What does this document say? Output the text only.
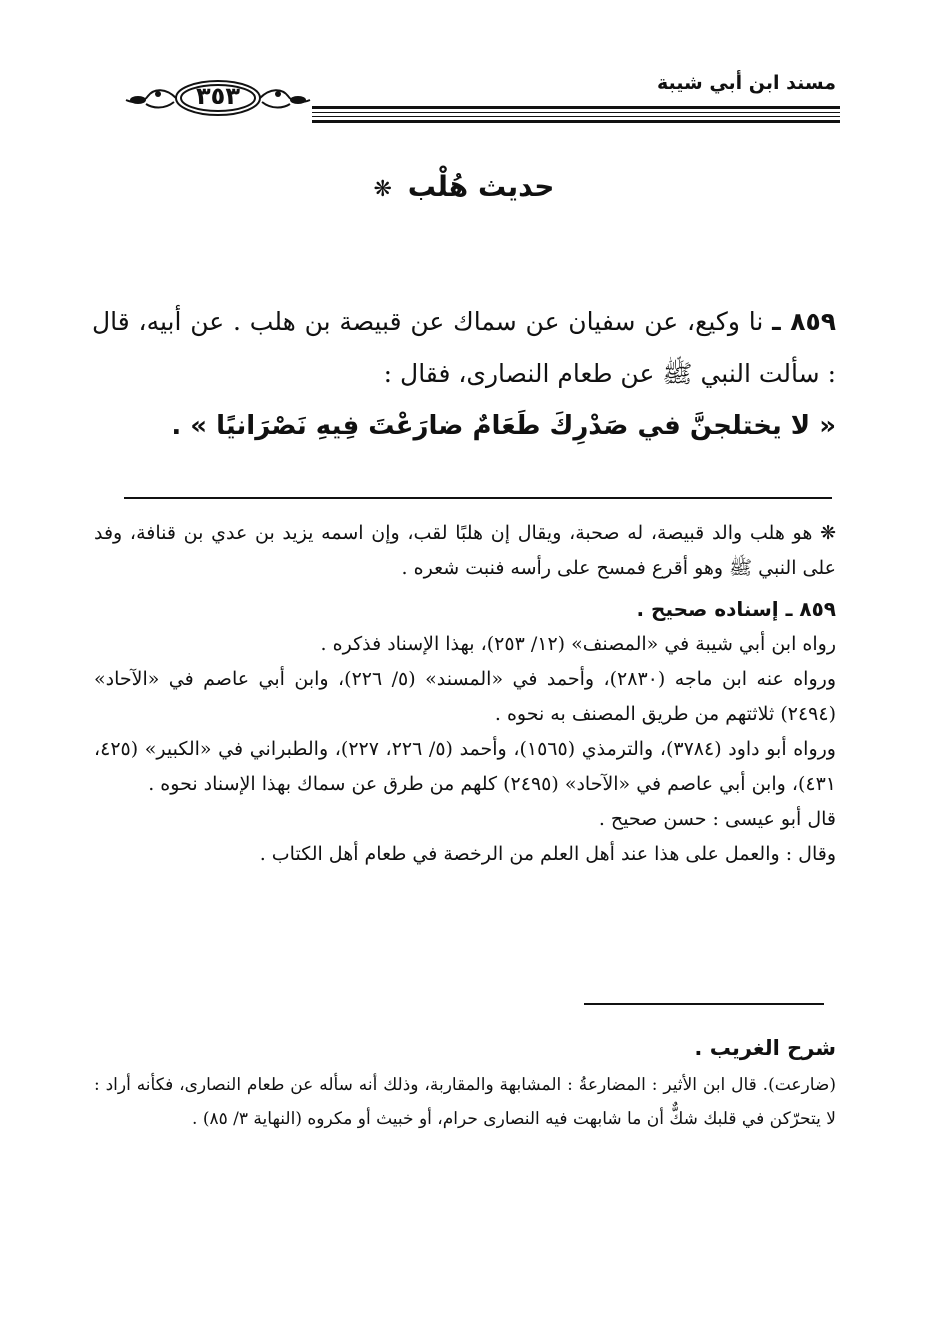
مسند ابن أبي شيبة
٣٥٣
حديث هُلْب ❋
٨٥٩ ـ نا وكيع، عن سفيان عن سماك عن قبيصة بن هلب . عن أبيه، قال : سألت النبي ﷺ عن طعام النصارى، فقال :
« لا يختلجنَّ في صَدْرِكَ طَعَامٌ ضارَعْتَ فِيهِ نَصْرَانيًا » .

❋ هو هلب والد قبيصة، له صحبة، ويقال إن هلبًا لقب، وإن اسمه يزيد بن عدي بن قنافة، وفد على النبي ﷺ وهو أقرع فمسح على رأسه فنبت شعره .

٨٥٩ ـ إسناده صحيح .

رواه ابن أبي شيبة في «المصنف» (١٢/ ٢٥٣)، بهذا الإسناد فذكره .

ورواه عنه ابن ماجه (٢٨٣٠)، وأحمد في «المسند» (٥/ ٢٢٦)، وابن أبي عاصم في «الآحاد» (٢٤٩٤) ثلاثتهم من طريق المصنف به نحوه .

ورواه أبو داود (٣٧٨٤)، والترمذي (١٥٦٥)، وأحمد (٥/ ٢٢٦، ٢٢٧)، والطبراني في «الكبير» (٤٢٥، ٤٣١)، وابن أبي عاصم في «الآحاد» (٢٤٩٥) كلهم من طرق عن سماك بهذا الإسناد نحوه .

قال أبو عيسى : حسن صحيح .

وقال : والعمل على هذا عند أهل العلم من الرخصة في طعام أهل الكتاب .

شرح الغريب .

(ضارعت). قال ابن الأثير : المضارعةُ : المشابهة والمقاربة، وذلك أنه سأله عن طعام النصارى، فكأنه أراد : لا يتحرّكن في قلبك شكٌّ أن ما شابهت فيه النصارى حرام، أو خبيث أو مكروه (النهاية ٣/ ٨٥) .
